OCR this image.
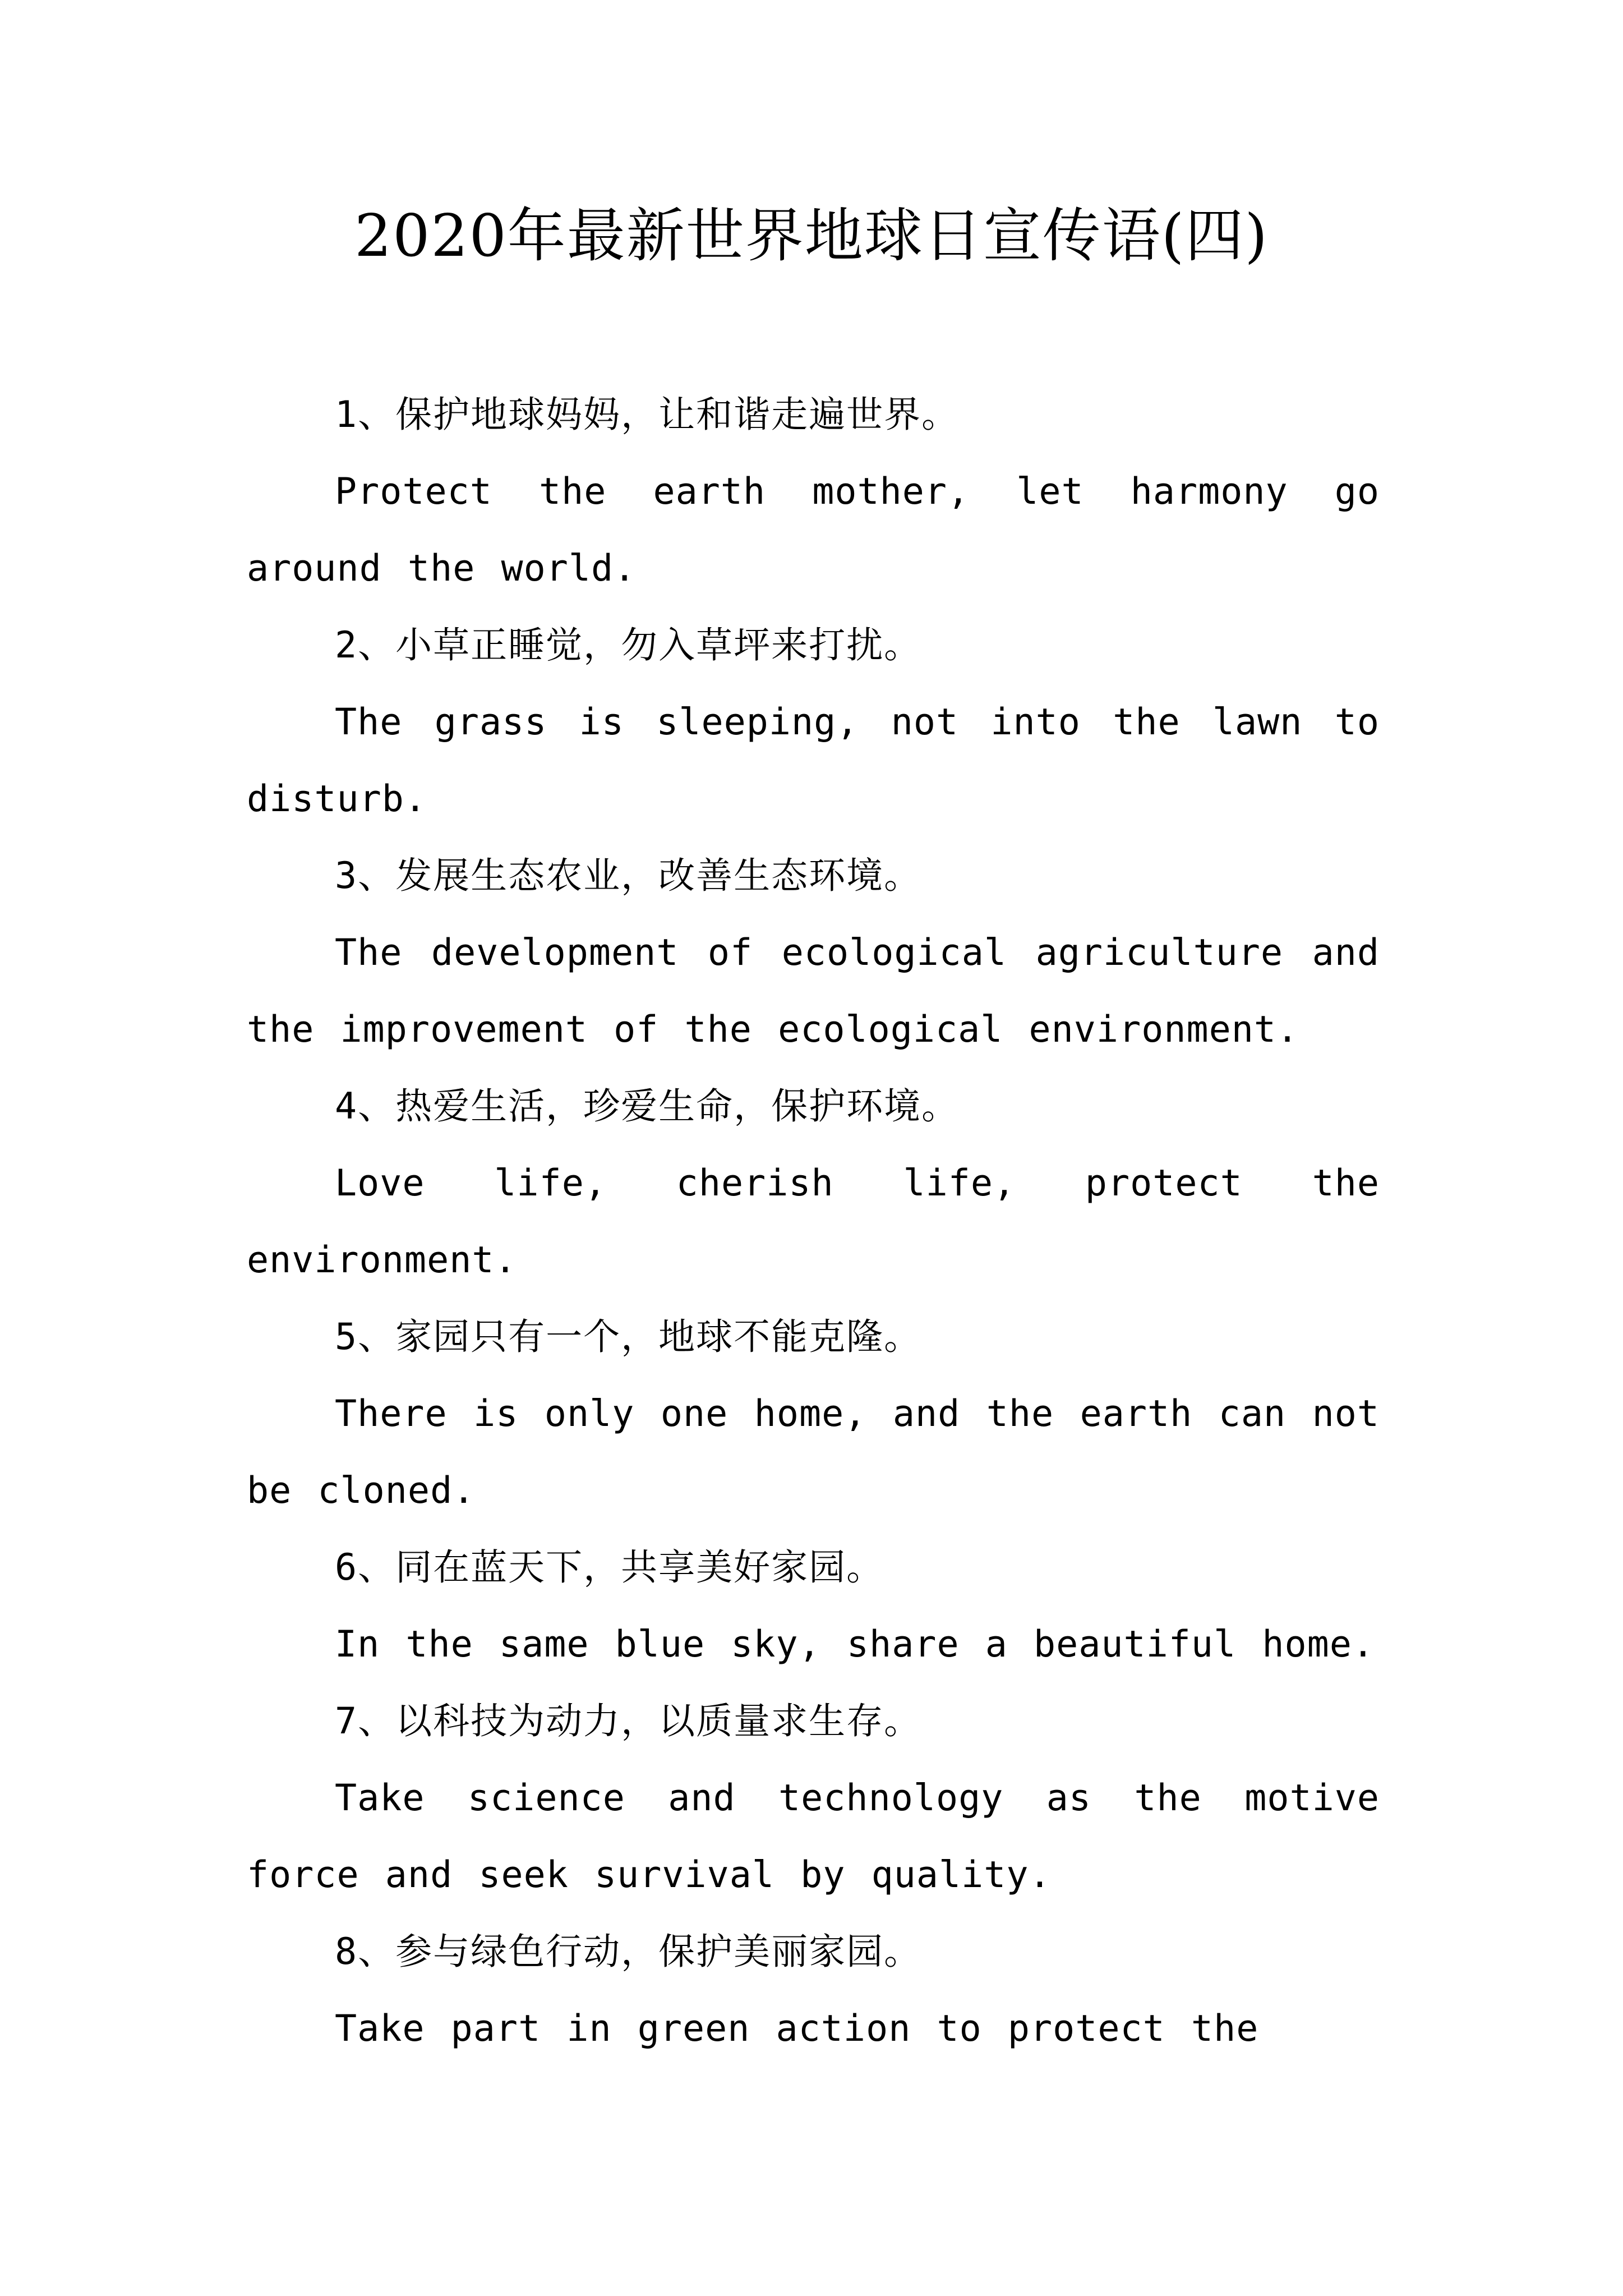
2020年最新世界地球日宣传语(四)

1、保护地球妈妈，让和谐走遍世界。

Protect the earth mother, let harmony go around the world.

2、小草正睡觉，勿入草坪来打扰。

The grass is sleeping, not into the lawn to disturb.

3、发展生态农业，改善生态环境。

The development of ecological agriculture and the improvement of the ecological environment.

4、热爱生活，珍爱生命，保护环境。

Love life, cherish life, protect the environment.

5、家园只有一个，地球不能克隆。

There is only one home, and the earth can not be cloned.

6、同在蓝天下，共享美好家园。

In the same blue sky, share a beautiful home.

7、以科技为动力，以质量求生存。

Take science and technology as the motive force and seek survival by quality.

8、参与绿色行动，保护美丽家园。

Take part in green action to protect the
